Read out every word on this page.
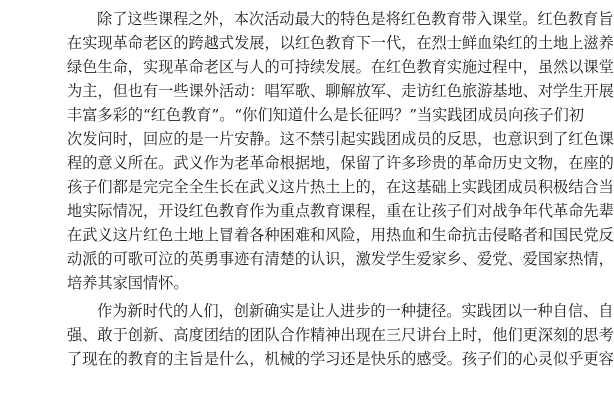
除了这些课程之外，本次活动最大的特色是将红色教育带入课堂。红色教育旨
在实现革命老区的跨越式发展，以红色教育下一代，在烈士鲜血染红的土地上滋养
绿色生命，实现革命老区与人的可持续发展。在红色教育实施过程中，虽然以课堂
为主，但也有一些课外活动：唱军歌、聊解放军、走访红色旅游基地、对学生开展
丰富多彩的“红色教育”。“你们知道什么是长征吗？”当实践团成员向孩子们初
次发问时，回应的是一片安静。这不禁引起实践团成员的反思，也意识到了红色课
程的意义所在。武义作为老革命根据地，保留了许多珍贵的革命历史文物，在座的
孩子们都是完完全全生长在武义这片热土上的，在这基础上实践团成员积极结合当
地实际情况，开设红色教育作为重点教育课程，重在让孩子们对战争年代革命先辈
在武义这片红色土地上冒着各种困难和风险，用热血和生命抗击侵略者和国民党反
动派的可歌可泣的英勇事迹有清楚的认识，激发学生爱家乡、爱党、爱国家热情，
培养其家国情怀。
作为新时代的人们，创新确实是让人进步的一种捷径。实践团以一种自信、自
强、敢于创新、高度团结的团队合作精神出现在三尺讲台上时，他们更深刻的思考
了现在的教育的主旨是什么，机械的学习还是快乐的感受。孩子们的心灵似乎更容
